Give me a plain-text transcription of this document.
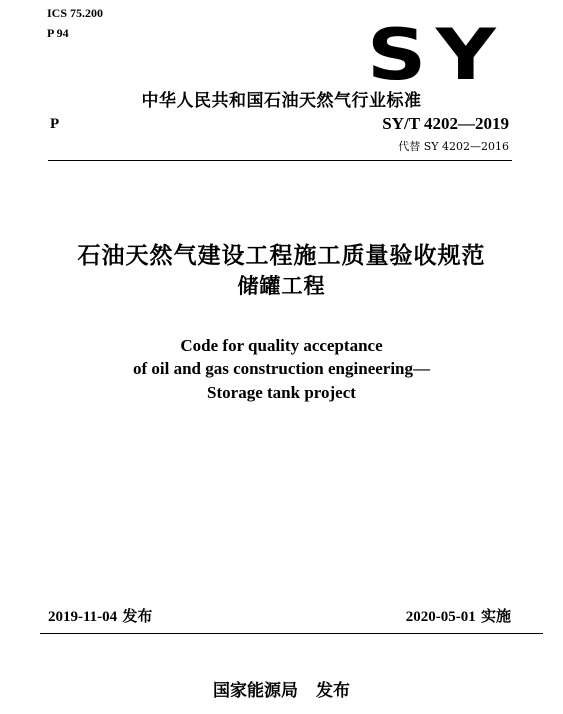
ICS 75.200
P 94	SY
中华人民共和国石油天然气行业标准
P	SY/T 4202—2019
代替 SY 4202—2016
石油天然气建设工程施工质量验收规范
储罐工程
Code for quality acceptance
of oil and gas construction engineering—
Storage tank project
2019-11-04 发布	2020-05-01 实施
国家能源局 发布
